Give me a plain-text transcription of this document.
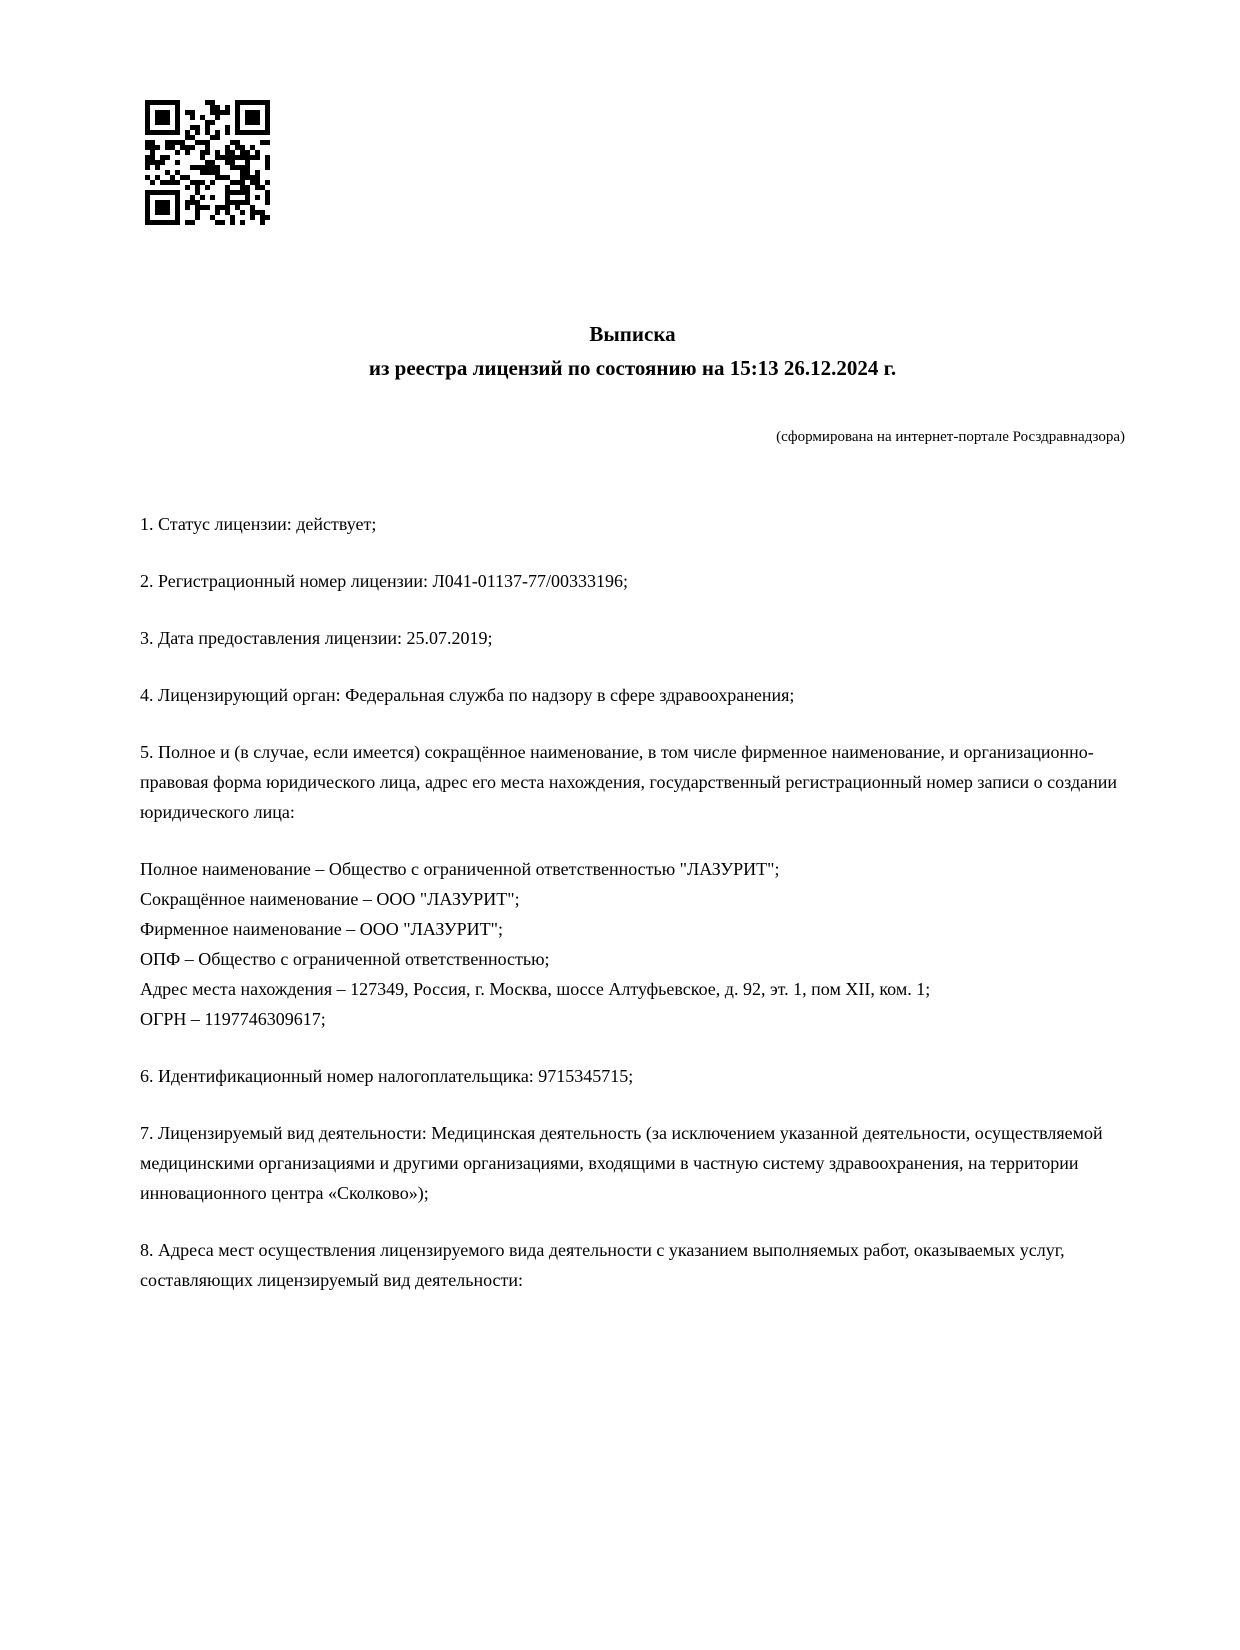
Выписка
из реестра лицензий по состоянию на 15:13 26.12.2024 г.
(сформирована на интернет-портале Росздравнадзора)

1. Статус лицензии: действует;

2. Регистрационный номер лицензии: Л041-01137-77/00333196;

3. Дата предоставления лицензии: 25.07.2019;

4. Лицензирующий орган: Федеральная служба по надзору в сфере здравоохранения;

5. Полное и (в случае, если имеется) сокращённое наименование, в том числе фирменное наименование, и организационно-правовая форма юридического лица, адрес его места нахождения, государственный регистрационный номер записи о создании юридического лица:

Полное наименование – Общество с ограниченной ответственностью "ЛАЗУРИТ";

Сокращённое наименование – ООО "ЛАЗУРИТ";

Фирменное наименование – ООО "ЛАЗУРИТ";

ОПФ – Общество с ограниченной ответственностью;

Адрес места нахождения – 127349, Россия, г. Москва, шоссе Алтуфьевское, д. 92, эт. 1, пом XII, ком. 1;

ОГРН – 1197746309617;

6. Идентификационный номер налогоплательщика: 9715345715;

7. Лицензируемый вид деятельности: Медицинская деятельность (за исключением указанной деятельности, осуществляемой медицинскими организациями и другими организациями, входящими в частную систему здравоохранения, на территории инновационного центра «Сколково»);

8. Адреса мест осуществления лицензируемого вида деятельности с указанием выполняемых работ, оказываемых услуг, составляющих лицензируемый вид деятельности:
